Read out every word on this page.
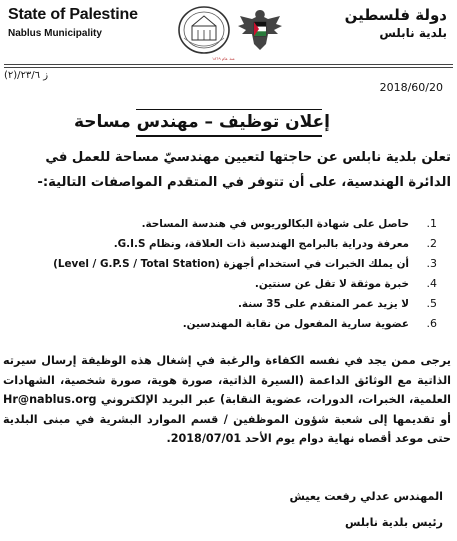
State of Palestine
Nablus Municipality
منذ عام ١٨٦٩
دولة فلسطين
بلدية نابلس
ز ٢٣/٦/(٢)
2018/60/20
إعلان توظيف – مهندس مساحة
تعلن بلدية نابلس عن حاجتها لتعيين مهندسيّ مساحة للعمل في الدائرة الهندسية، على أن تتوفر في المتقدم المواصفات التالية:-
1.
حاصل على شهادة البكالوريوس في هندسة المساحة.
2.
معرفة ودراية بالبرامج الهندسية ذات العلاقة، ونظام G.I.S.
3.
أن يملك الخبرات في استخدام أجهزة (Level / G.P.S / Total Station)
4.
خبرة موثقة لا تقل عن سنتين.
5.
لا يزيد عمر المتقدم على 35 سنة.
6.
عضوية سارية المفعول من نقابة المهندسين.
يرجى ممن يجد في نفسه الكفاءة والرغبة في إشغال هذه الوظيفة إرسال سيرته الذاتية مع الوثائق الداعمة (السيرة الذاتية، صورة هوية، صورة شخصية، الشهادات العلمية، الخبرات، الدورات، عضوية النقابة) عبر البريد الإلكتروني Hr@nablus.org أو تقديمها إلى شعبة شؤون الموظفين / قسم الموارد البشرية في مبنى البلدية حتى موعد أقصاه نهاية دوام يوم الأحد 2018/07/01.
المهندس عدلي رفعت يعيش
رئيس بلدية نابلس
